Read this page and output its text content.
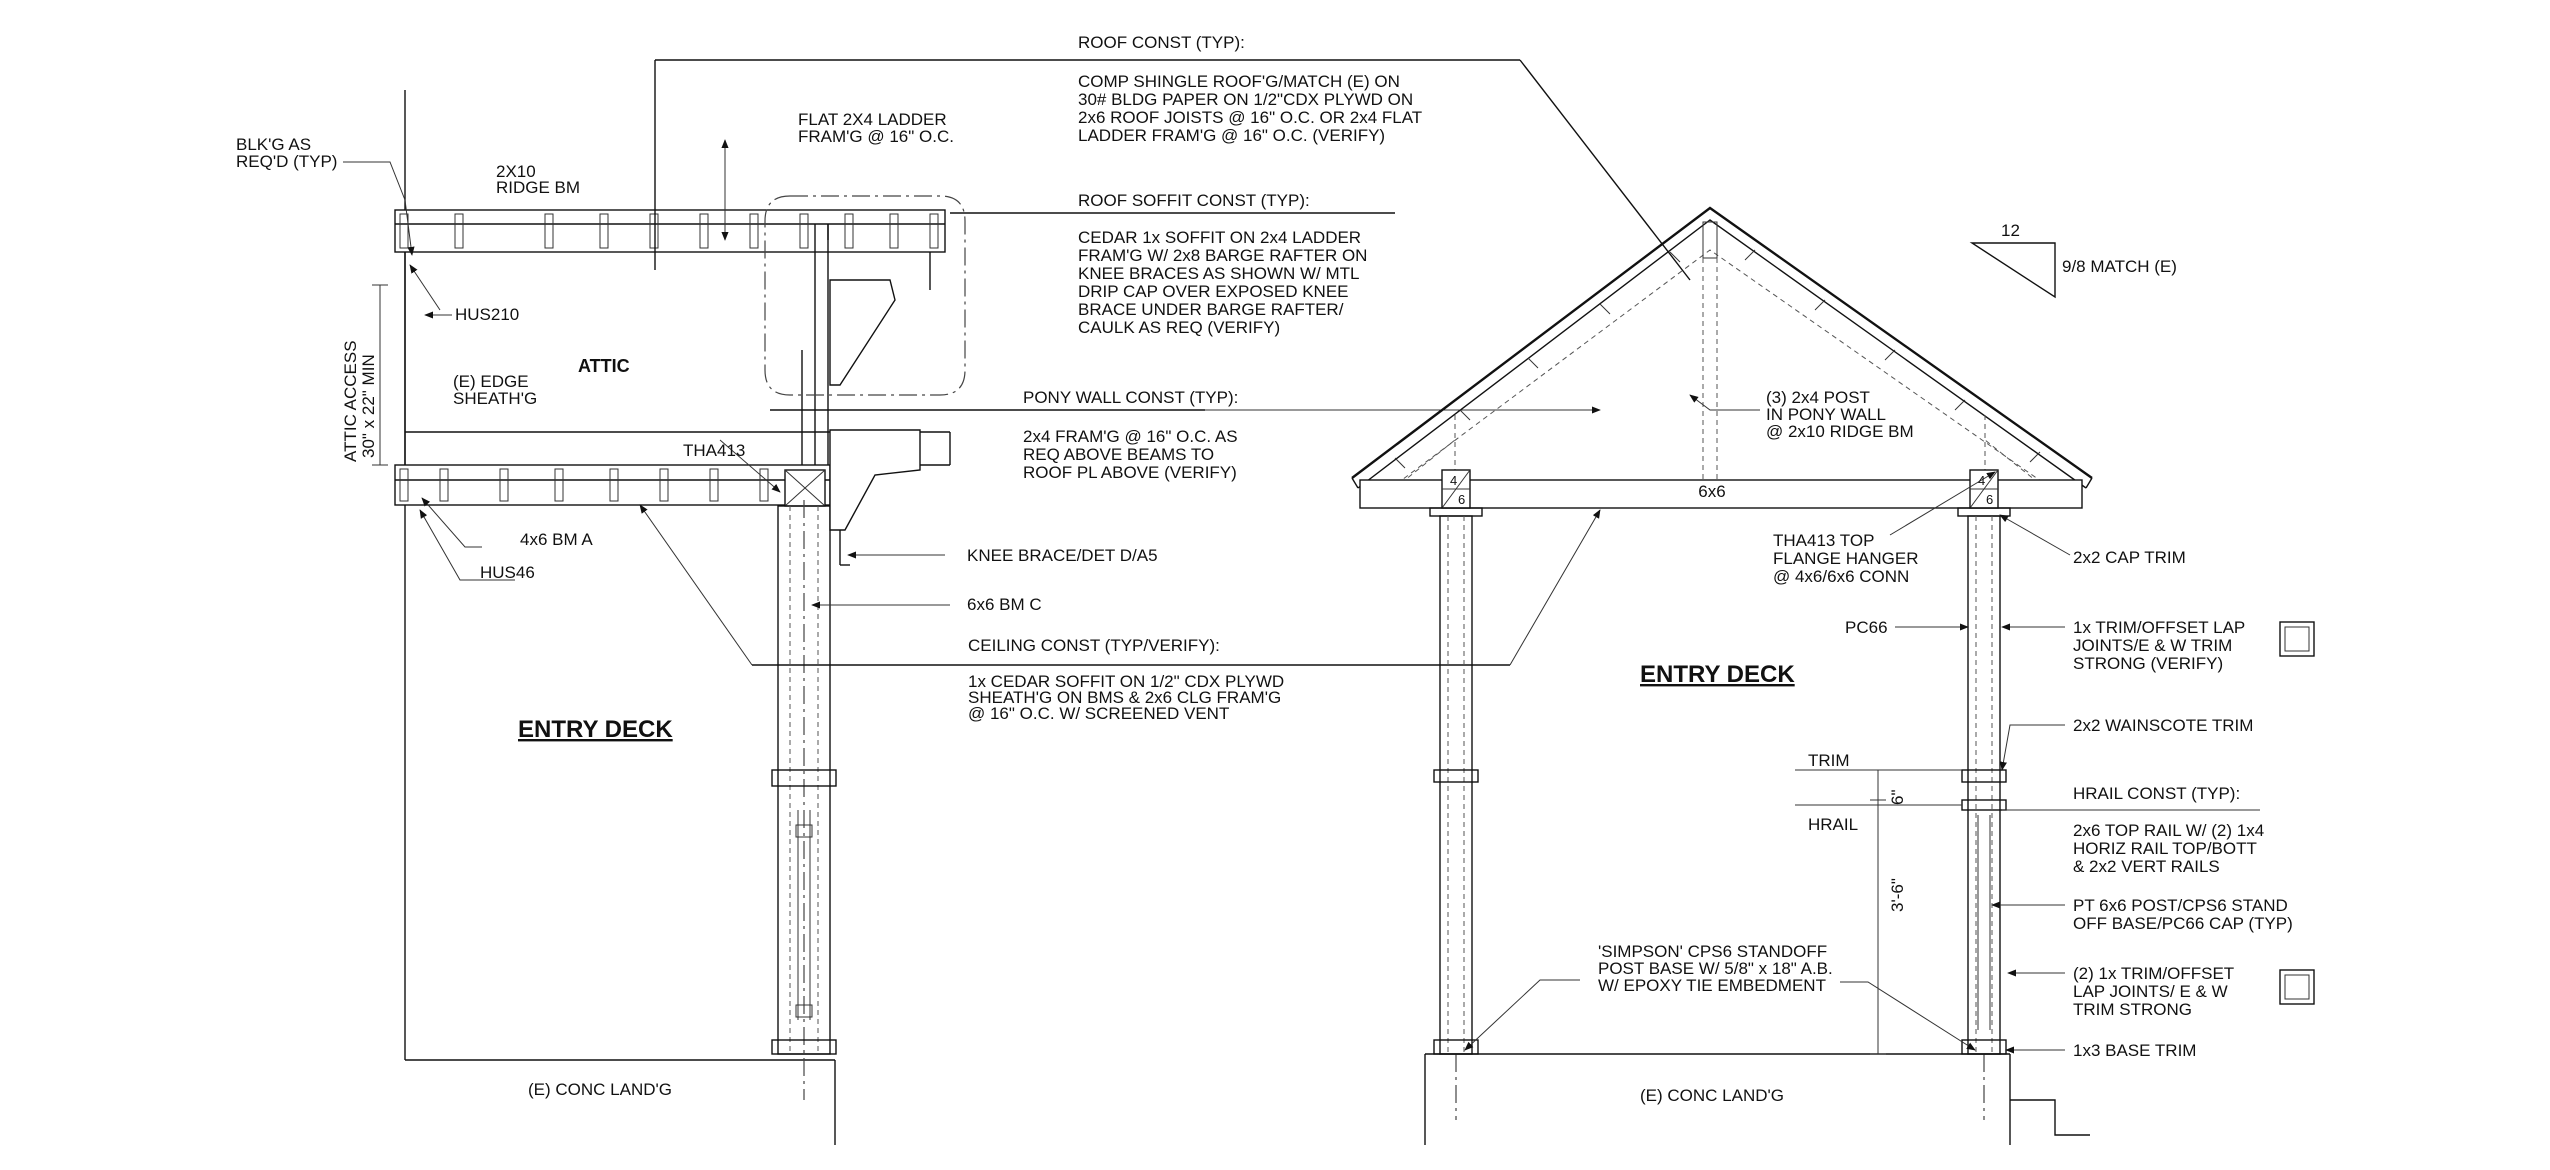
BLK'G AS
REQ'D (TYP)
2X10
RIDGE BM
FLAT 2X4 LADDER
FRAM'G @ 16" O.C.
HUS210
ATTIC
(E) EDGE
SHEATH'G
ATTIC ACCESS 30" x 22" MIN	THA413
4x6 BM A
HUS46
KNEE BRACE/DET D/A5
6x6 BM C
ENTRY DECK
(E) CONC LAND'G
ROOF CONST (TYP):
COMP SHINGLE ROOF'G/MATCH (E) ON
30# BLDG PAPER ON 1/2"CDX PLYWD ON
2x6 ROOF JOISTS @ 16" O.C. OR 2x4 FLAT
LADDER FRAM'G @ 16" O.C. (VERIFY)
ROOF SOFFIT CONST (TYP):
CEDAR 1x SOFFIT ON 2x4 LADDER
FRAM'G W/ 2x8 BARGE RAFTER ON
KNEE BRACES AS SHOWN W/ MTL
DRIP CAP OVER EXPOSED KNEE
BRACE UNDER BARGE RAFTER/
CAULK AS REQ (VERIFY)
PONY WALL CONST (TYP):
2x4 FRAM'G @ 16" O.C. AS
REQ ABOVE BEAMS TO
ROOF PL ABOVE (VERIFY)
CEILING CONST (TYP/VERIFY):
1x CEDAR SOFFIT ON 1/2" CDX PLYWD
SHEATH'G ON BMS & 2x6 CLG FRAM'G
@ 16" O.C. W/ SCREENED VENT
12
9/8 MATCH (E)
(3) 2x4 POST
IN PONY WALL
@ 2x10 RIDGE BM
6x6
4
6
4
6
THA413 TOP
FLANGE HANGER
@ 4x6/6x6 CONN
2x2 CAP TRIM
PC66	1x TRIM/OFFSET LAP
JOINTS/E & W TRIM
STRONG (VERIFY)
ENTRY DECK
2x2 WAINSCOTE TRIM
TRIM
HRAIL
6"
3'-6"
HRAIL CONST (TYP):
2x6 TOP RAIL W/ (2) 1x4
HORIZ RAIL TOP/BOTT
& 2x2 VERT RAILS
PT 6x6 POST/CPS6 STAND
OFF BASE/PC66 CAP (TYP)
(2) 1x TRIM/OFFSET
LAP JOINTS/ E & W
TRIM STRONG
'SIMPSON' CPS6 STANDOFF
POST BASE W/ 5/8" x 18" A.B.
W/ EPOXY TIE EMBEDMENT
1x3 BASE TRIM
(E) CONC LAND'G
